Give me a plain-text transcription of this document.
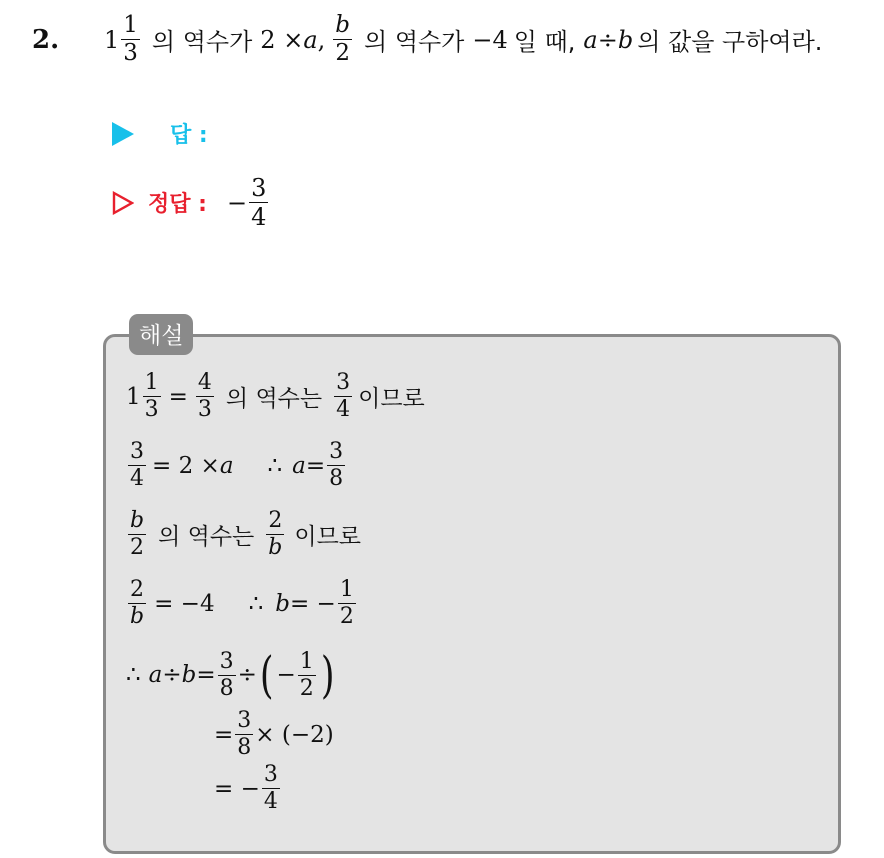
2.	$1 \frac{1}{3}$ 의 역수가 2 × a , $\frac{b}{2}$ 의 역수가 −4 일 때, a ÷ b 의 값을 구하여라.
답 :
정답 : − $\frac{3}{4}$
해설
$1 \frac{1}{3} = \frac{4}{3}$ 의 역수는 $\frac{3}{4}$ 이므로
$\frac{3}{4} = 2 \times a$ ∴ $a = \frac{3}{8}$
$\frac{b}{2}$ 의 역수는 $\frac{2}{b}$ 이므로
$\frac{2}{b} = -4$ ∴ b = − $\frac{1}{2}$
∴ $a \div b = \frac{3}{8}$ ÷ ( − $\frac{1}{2}$ )
= $\frac{3}{8} \times (-2)$
= − $\frac{3}{4}$
